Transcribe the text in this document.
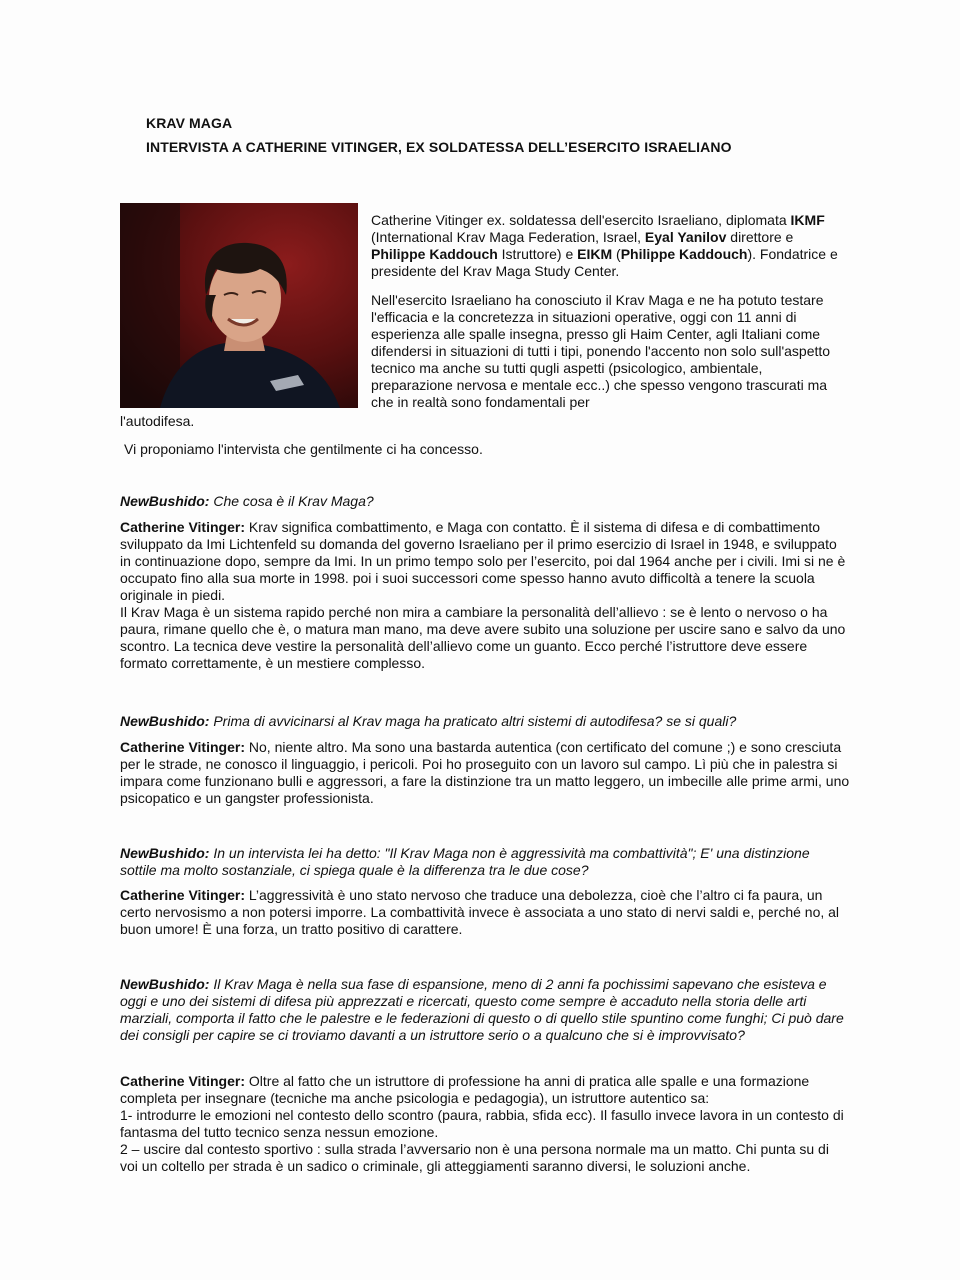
KRAV MAGA
INTERVISTA A CATHERINE VITINGER, EX SOLDATESSA DELL’ESERCITO ISRAELIANO
Catherine Vitinger ex. soldatessa dell'esercito Israeliano, diplomata IKMF (International Krav Maga Federation, Israel, Eyal Yanilov direttore e Philippe Kaddouch Istruttore) e EIKM (Philippe Kaddouch). Fondatrice e presidente del Krav Maga Study Center.
Nell'esercito Israeliano ha conosciuto il Krav Maga e ne ha potuto testare l'efficacia e la concretezza in situazioni operative, oggi con 11 anni di esperienza alle spalle insegna, presso gli Haim Center, agli Italiani come difendersi in situazioni di tutti i tipi, ponendo l'accento non solo sull'aspetto tecnico ma anche su tutti qugli aspetti (psicologico, ambientale, preparazione nervosa e mentale ecc..) che spesso vengono trascurati ma che in realtà sono fondamentali per
l'autodifesa.
Vi proponiamo l'intervista che gentilmente ci ha concesso.
NewBushido: Che cosa è il Krav Maga?

Catherine Vitinger: Krav significa combattimento, e Maga con contatto. È il sistema di difesa e di combattimento sviluppato da Imi Lichtenfeld su domanda del governo Israeliano per il primo esercizio di Israel in 1948, e sviluppato in continuazione dopo, sempre da Imi. In un primo tempo solo per l’esercito, poi dal 1964 anche per i civili. Imi si ne è occupato fino alla sua morte in 1998. poi i suoi successori come spesso hanno avuto difficoltà a tenere la scuola originale in piedi.

Il Krav Maga è un sistema rapido perché non mira a cambiare la personalità dell’allievo : se è lento o nervoso o ha paura, rimane quello che è, o matura man mano, ma deve avere subito una soluzione per uscire sano e salvo da uno scontro. La tecnica deve vestire la personalità dell’allievo come un guanto. Ecco perché l’istruttore deve essere formato correttamente, è un mestiere complesso.

NewBushido: Prima di avvicinarsi al Krav maga ha praticato altri sistemi di autodifesa? se si quali?

Catherine Vitinger: No, niente altro. Ma sono una bastarda autentica (con certificato del comune ;) e sono cresciuta per le strade, ne conosco il linguaggio, i pericoli. Poi ho proseguito con un lavoro sul campo. Lì più che in palestra si impara come funzionano bulli e aggressori, a fare la distinzione tra un matto leggero, un imbecille alle prime armi, uno psicopatico e un gangster professionista.

NewBushido: In un intervista lei ha detto: "Il Krav Maga non è aggressività ma combattività"; E' una distinzione sottile ma molto sostanziale, ci spiega quale è la differenza tra le due cose?

Catherine Vitinger: L’aggressività è uno stato nervoso che traduce una debolezza, cioè che l’altro ci fa paura, un certo nervosismo a non potersi imporre. La combattività invece è associata a uno stato di nervi saldi e, perché no, al buon umore! È una forza, un tratto positivo di carattere.

NewBushido: Il Krav Maga è nella sua fase di espansione, meno di 2 anni fa pochissimi sapevano che esisteva e oggi e uno dei sistemi di difesa più apprezzati e ricercati, questo come sempre è accaduto nella storia delle arti marziali, comporta il fatto che le palestre e le federazioni di questo o di quello stile spuntino come funghi; Ci può dare dei consigli per capire se ci troviamo davanti a un istruttore serio o a qualcuno che si è improvvisato?

Catherine Vitinger: Oltre al fatto che un istruttore di professione ha anni di pratica alle spalle e una formazione completa per insegnare (tecniche ma anche psicologia e pedagogia), un istruttore autentico sa:

1- introdurre le emozioni nel contesto dello scontro (paura, rabbia, sfida ecc). Il fasullo invece lavora in un contesto di fantasma del tutto tecnico senza nessun emozione.

2 – uscire dal contesto sportivo : sulla strada l’avversario non è una persona normale ma un matto. Chi punta su di voi un coltello per strada è un sadico o criminale, gli atteggiamenti saranno diversi, le soluzioni anche.
